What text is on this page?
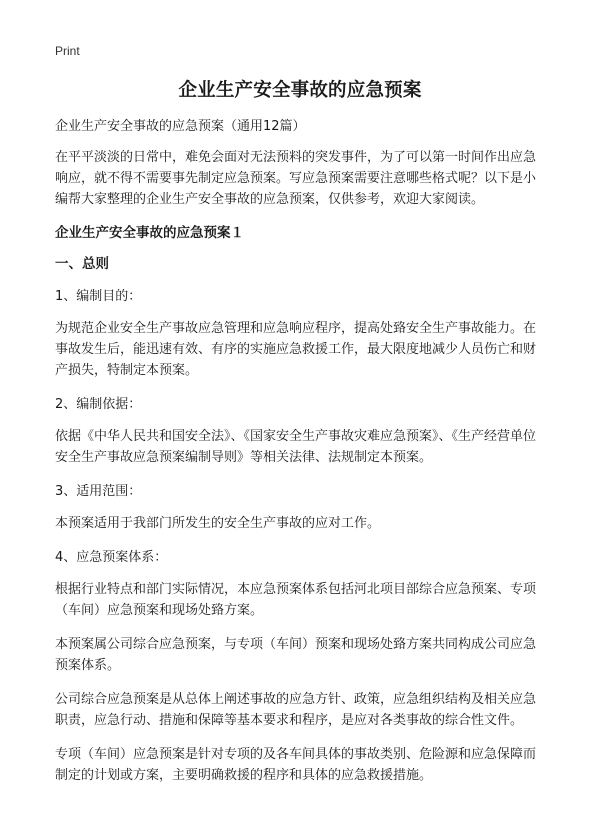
Print
企业生产安全事故的应急预案

企业生产安全事故的应急预案（通用12篇）

在平平淡淡的日常中，难免会面对无法预料的突发事件，为了可以第一时间作出应急响应，就不得不需要事先制定应急预案。写应急预案需要注意哪些格式呢？以下是小编帮大家整理的企业生产安全事故的应急预案，仅供参考，欢迎大家阅读。

企业生产安全事故的应急预案１

一、总则

1、编制目的：

为规范企业安全生产事故应急管理和应急响应程序，提高处臵安全生产事故能力。在事故发生后，能迅速有效、有序的实施应急救援工作，最大限度地减少人员伤亡和财产损失，特制定本预案。

2、编制依据：

依据《中华人民共和国安全法》、《国家安全生产事故灾难应急预案》、《生产经营单位安全生产事故应急预案编制导则》等相关法律、法规制定本预案。

3、适用范围：

本预案适用于我部门所发生的安全生产事故的应对工作。

4、应急预案体系：

根据行业特点和部门实际情况，本应急预案体系包括河北项目部综合应急预案、专项（车间）应急预案和现场处臵方案。

本预案属公司综合应急预案，与专项（车间）预案和现场处臵方案共同构成公司应急预案体系。

公司综合应急预案是从总体上阐述事故的应急方针、政策，应急组织结构及相关应急职责，应急行动、措施和保障等基本要求和程序，是应对各类事故的综合性文件。

专项（车间）应急预案是针对专项的及各车间具体的事故类别、危险源和应急保障而制定的计划或方案，主要明确救援的程序和具体的应急救援措施。
